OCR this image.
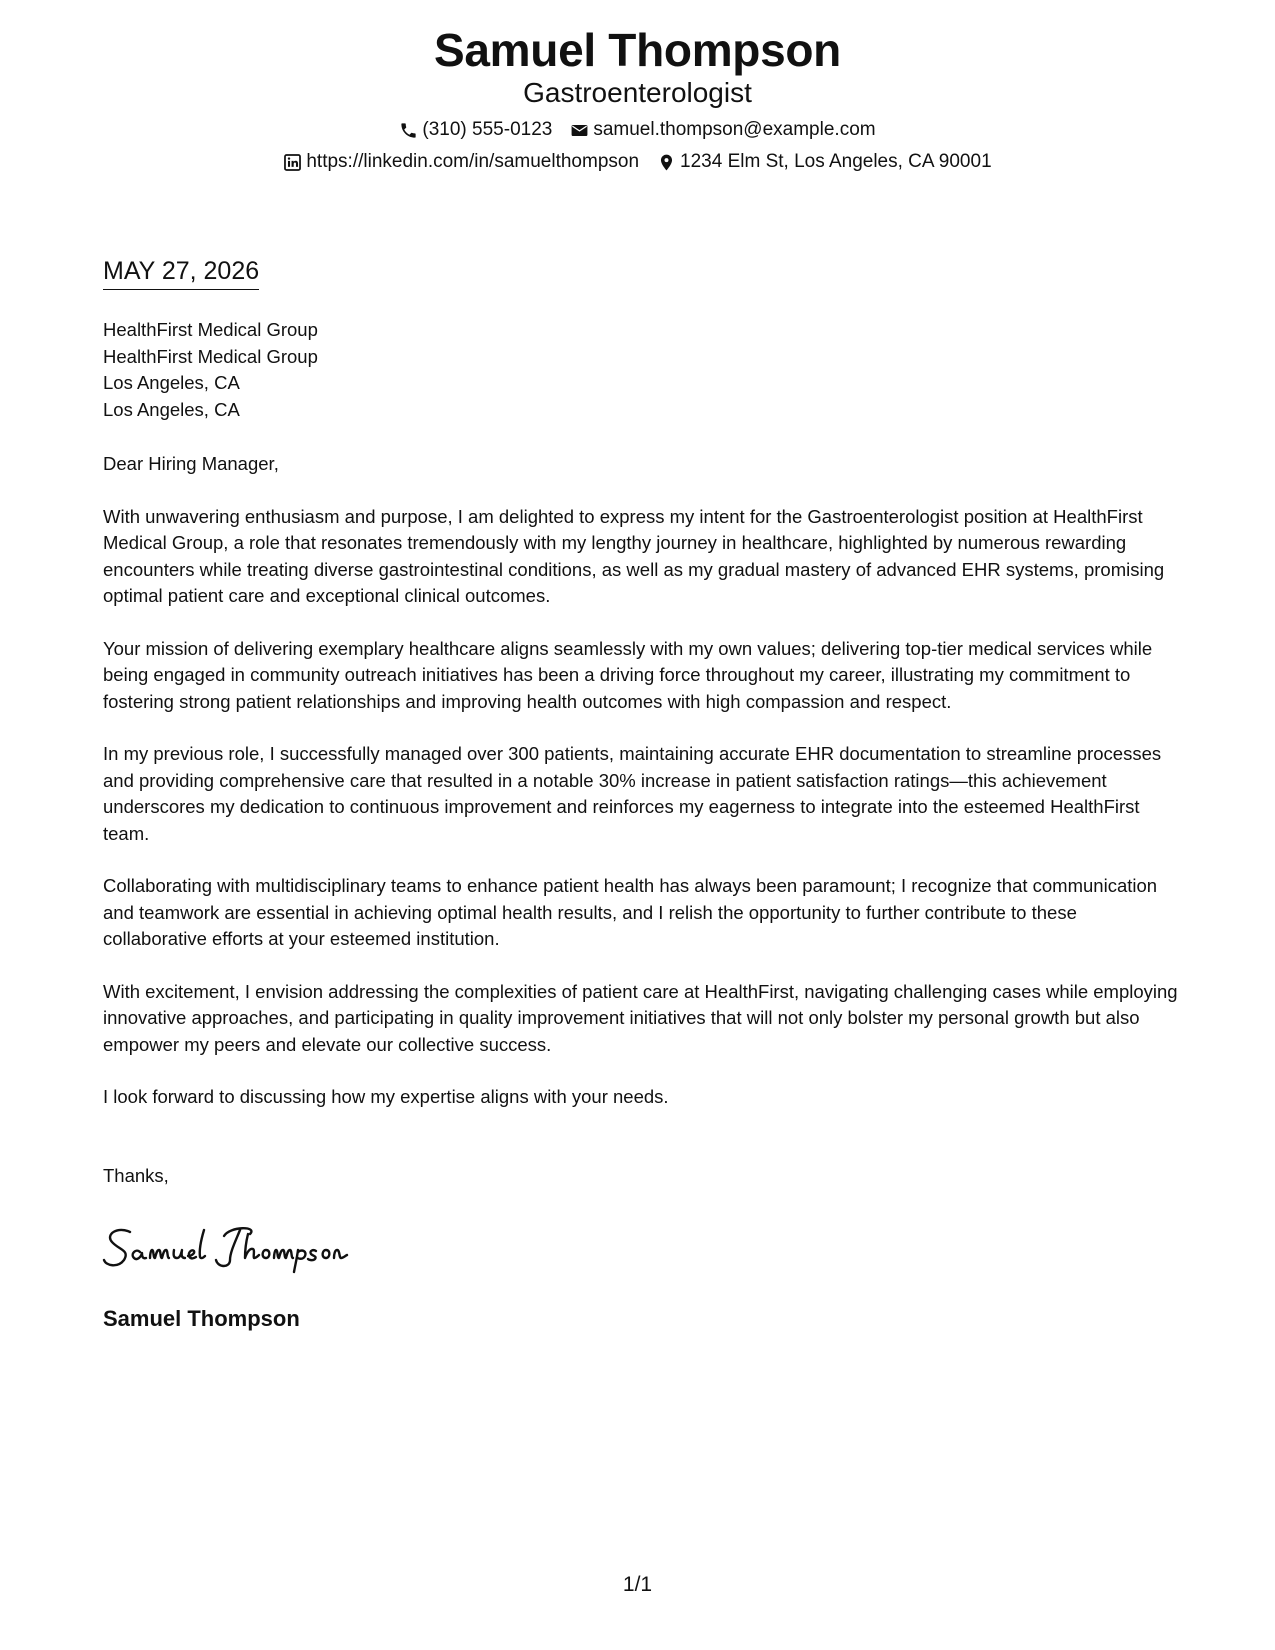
Samuel Thompson
Gastroenterologist
(310) 555-0123 samuel.thompson@example.com
https://linkedin.com/in/samuelthompson 1234 Elm St, Los Angeles, CA 90001
MAY 27, 2026
HealthFirst Medical Group
HealthFirst Medical Group
Los Angeles, CA
Los Angeles, CA

Dear Hiring Manager,

With unwavering enthusiasm and purpose, I am delighted to express my intent for the Gastroenterologist position at HealthFirst Medical Group, a role that resonates tremendously with my lengthy journey in healthcare, highlighted by numerous rewarding encounters while treating diverse gastrointestinal conditions, as well as my gradual mastery of advanced EHR systems, promising optimal patient care and exceptional clinical outcomes.

Your mission of delivering exemplary healthcare aligns seamlessly with my own values; delivering top-tier medical services while being engaged in community outreach initiatives has been a driving force throughout my career, illustrating my commitment to fostering strong patient relationships and improving health outcomes with high compassion and respect.

In my previous role, I successfully managed over 300 patients, maintaining accurate EHR documentation to streamline processes and providing comprehensive care that resulted in a notable 30% increase in patient satisfaction ratings—this achievement underscores my dedication to continuous improvement and reinforces my eagerness to integrate into the esteemed HealthFirst team.

Collaborating with multidisciplinary teams to enhance patient health has always been paramount; I recognize that communication and teamwork are essential in achieving optimal health results, and I relish the opportunity to further contribute to these collaborative efforts at your esteemed institution.

With excitement, I envision addressing the complexities of patient care at HealthFirst, navigating challenging cases while employing innovative approaches, and participating in quality improvement initiatives that will not only bolster my personal growth but also empower my peers and elevate our collective success.

I look forward to discussing how my expertise aligns with your needs.

Thanks,
Samuel Thompson
1/1
